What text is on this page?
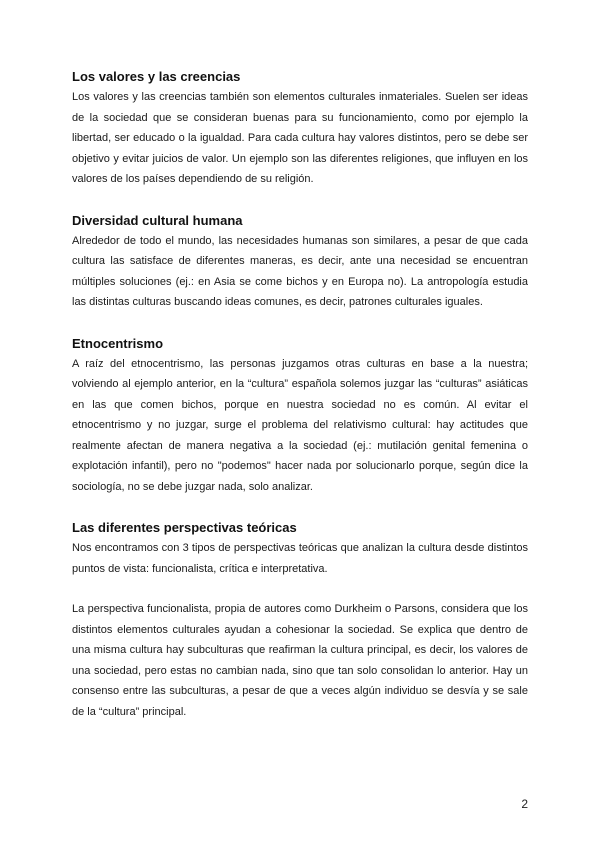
Los valores y las creencias

Los valores y las creencias también son elementos culturales inmateriales. Suelen ser ideas de la sociedad que se consideran buenas para su funcionamiento, como por ejemplo la libertad, ser educado o la igualdad. Para cada cultura hay valores distintos, pero se debe ser objetivo y evitar juicios de valor. Un ejemplo son las diferentes religiones, que influyen en los valores de los países dependiendo de su religión.

Diversidad cultural humana

Alrededor de todo el mundo, las necesidades humanas son similares, a pesar de que cada cultura las satisface de diferentes maneras, es decir, ante una necesidad se encuentran múltiples soluciones (ej.: en Asia se come bichos y en Europa no). La antropología estudia las distintas culturas buscando ideas comunes, es decir, patrones culturales iguales.

Etnocentrismo

A raíz del etnocentrismo, las personas juzgamos otras culturas en base a la nuestra; volviendo al ejemplo anterior, en la “cultura” española solemos juzgar las “culturas” asiáticas en las que comen bichos, porque en nuestra sociedad no es común. Al evitar el etnocentrismo y no juzgar, surge el problema del relativismo cultural: hay actitudes que realmente afectan de manera negativa a la sociedad (ej.: mutilación genital femenina o explotación infantil), pero no "podemos" hacer nada por solucionarlo porque, según dice la sociología, no se debe juzgar nada, solo analizar.

Las diferentes perspectivas teóricas

Nos encontramos con 3 tipos de perspectivas teóricas que analizan la cultura desde distintos puntos de vista: funcionalista, crítica e interpretativa.

La perspectiva funcionalista, propia de autores como Durkheim o Parsons, considera que los distintos elementos culturales ayudan a cohesionar la sociedad. Se explica que dentro de una misma cultura hay subculturas que reafirman la cultura principal, es decir, los valores de una sociedad, pero estas no cambian nada, sino que tan solo consolidan lo anterior. Hay un consenso entre las subculturas, a pesar de que a veces algún individuo se desvía y se sale de la “cultura” principal.

2
